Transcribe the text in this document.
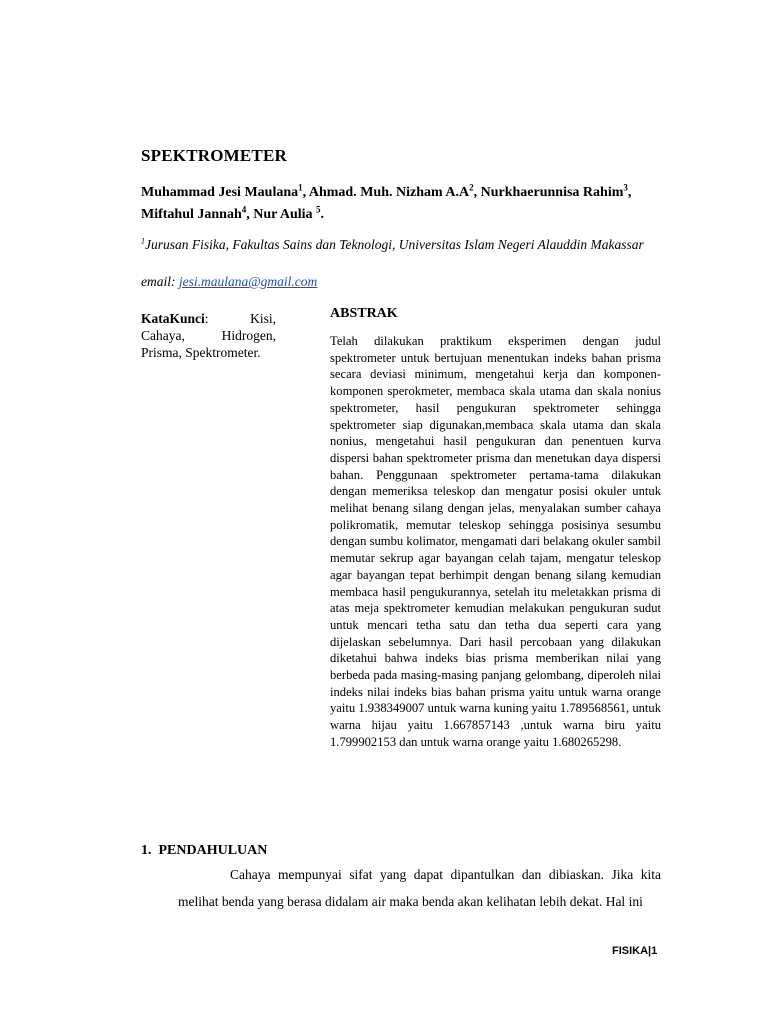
SPEKTROMETER
Muhammad Jesi Maulana$^1$, Ahmad. Muh. Nizham $A.A^2$, Nurkhaerunnisa Rahim$^3$, Miftahul Jannah$^4$, Nur Aulia $^5$.
$^1$Jurusan Fisika, Fakultas Sains dan Teknologi, Universitas Islam Negeri Alauddin Makassar
email: jesi.maulana@gmail.com
KataKunci: Kisi, Cahaya, Hidrogen, Prisma, Spektrometer.
ABSTRAK

Telah dilakukan praktikum eksperimen dengan judul spektrometer untuk bertujuan menentukan indeks bahan prisma secara deviasi minimum, mengetahui kerja dan komponen-komponen sperokmeter, membaca skala utama dan skala nonius spektrometer, hasil pengukuran spektrometer sehingga spektrometer siap digunakan,membaca skala utama dan skala nonius, mengetahui hasil pengukuran dan penentuen kurva dispersi bahan spektrometer prisma dan menetukan daya dispersi bahan. Penggunaan spektrometer pertama-tama dilakukan dengan memeriksa teleskop dan mengatur posisi okuler untuk melihat benang silang dengan jelas, menyalakan sumber cahaya polikromatik, memutar teleskop sehingga posisinya sesumbu dengan sumbu kolimator, mengamati dari belakang okuler sambil memutar sekrup agar bayangan celah tajam, mengatur teleskop agar bayangan tepat berhimpit dengan benang silang kemudian membaca hasil pengukurannya, setelah itu meletakkan prisma di atas meja spektrometer kemudian melakukan pengukuran sudut untuk mencari tetha satu dan tetha dua seperti cara yang dijelaskan sebelumnya. Dari hasil percobaan yang dilakukan diketahui bahwa indeks bias prisma memberikan nilai yang berbeda pada masing-masing panjang gelombang, diperoleh nilai indeks nilai indeks bias bahan prisma yaitu untuk warna orange yaitu 1.938349007 untuk warna kuning yaitu 1.789568561, untuk warna hijau yaitu 1.667857143 ,untuk warna biru yaitu 1.799902153 dan untuk warna orange yaitu 1.680265298.

1. PENDAHULUAN

Cahaya mempunyai sifat yang dapat dipantulkan dan dibiaskan. Jika kita melihat benda yang berasa didalam air maka benda akan kelihatan lebih dekat. Hal ini

FISIKA|1
